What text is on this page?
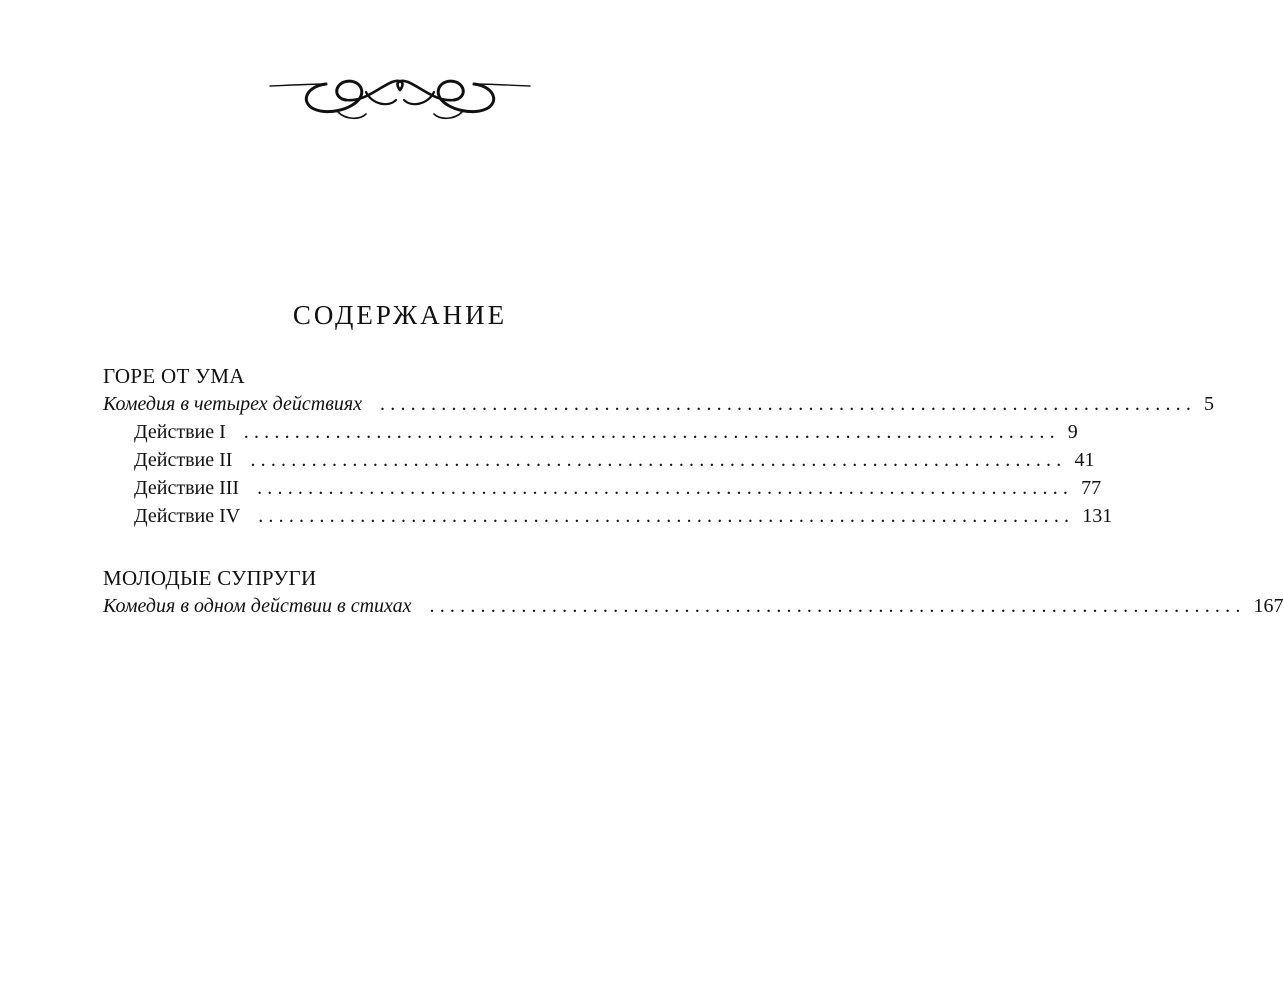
СОДЕРЖАНИЕ
ГОРЕ ОТ УМА
Комедия в четырех действиях ................................................................................ 5
Действие I ................................................................................ 9
Действие II ................................................................................ 41
Действие III ................................................................................ 77
Действие IV ................................................................................ 131
МОЛОДЫЕ СУПРУГИ
Комедия в одном действии в стихах ................................................................................ 167
